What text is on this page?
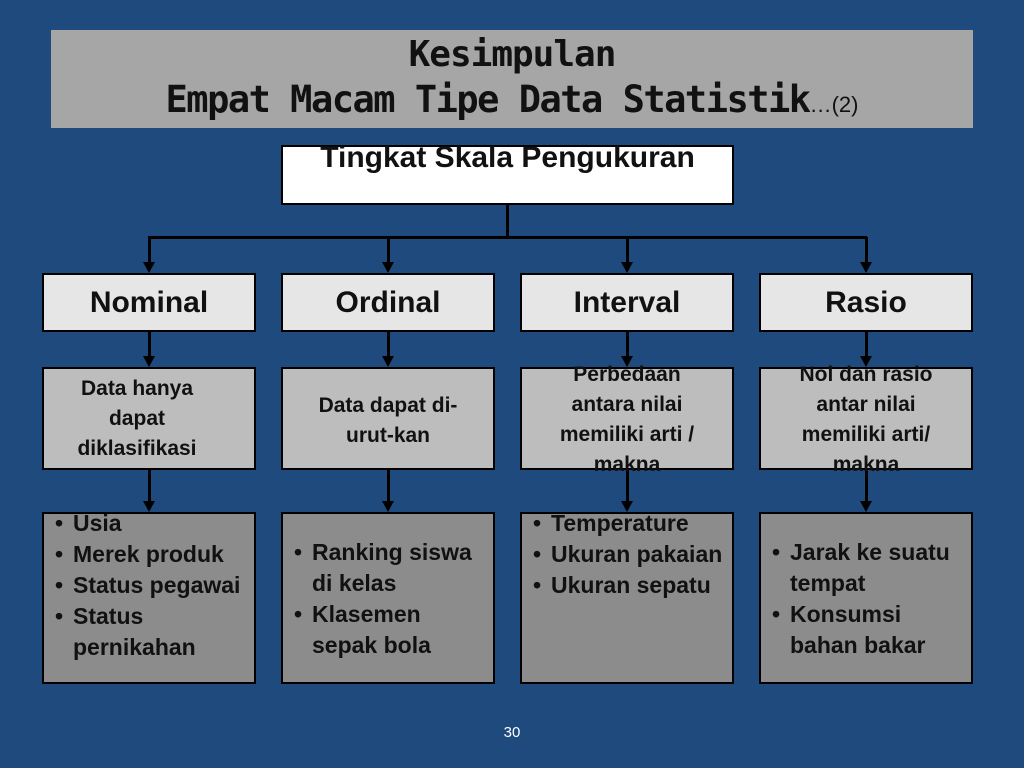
Kesimpulan
Empat Macam Tipe Data Statistik…(2)
Tingkat Skala Pengukuran
Nominal	Ordinal	Interval	Rasio
Data hanya dapat diklasifikasi
Data dapat di-urut-kan
Perbedaan antara nilai memiliki arti / makna
Nol dan rasio antar nilai memiliki arti/ makna
• Usia
• Merek produk
• Status pegawai
• Status pernikahan
• Ranking siswa di kelas
• Klasemen sepak bola
• Temperature
• Ukuran pakaian
• Ukuran sepatu
• Jarak ke suatu tempat
• Konsumsi bahan bakar
30
